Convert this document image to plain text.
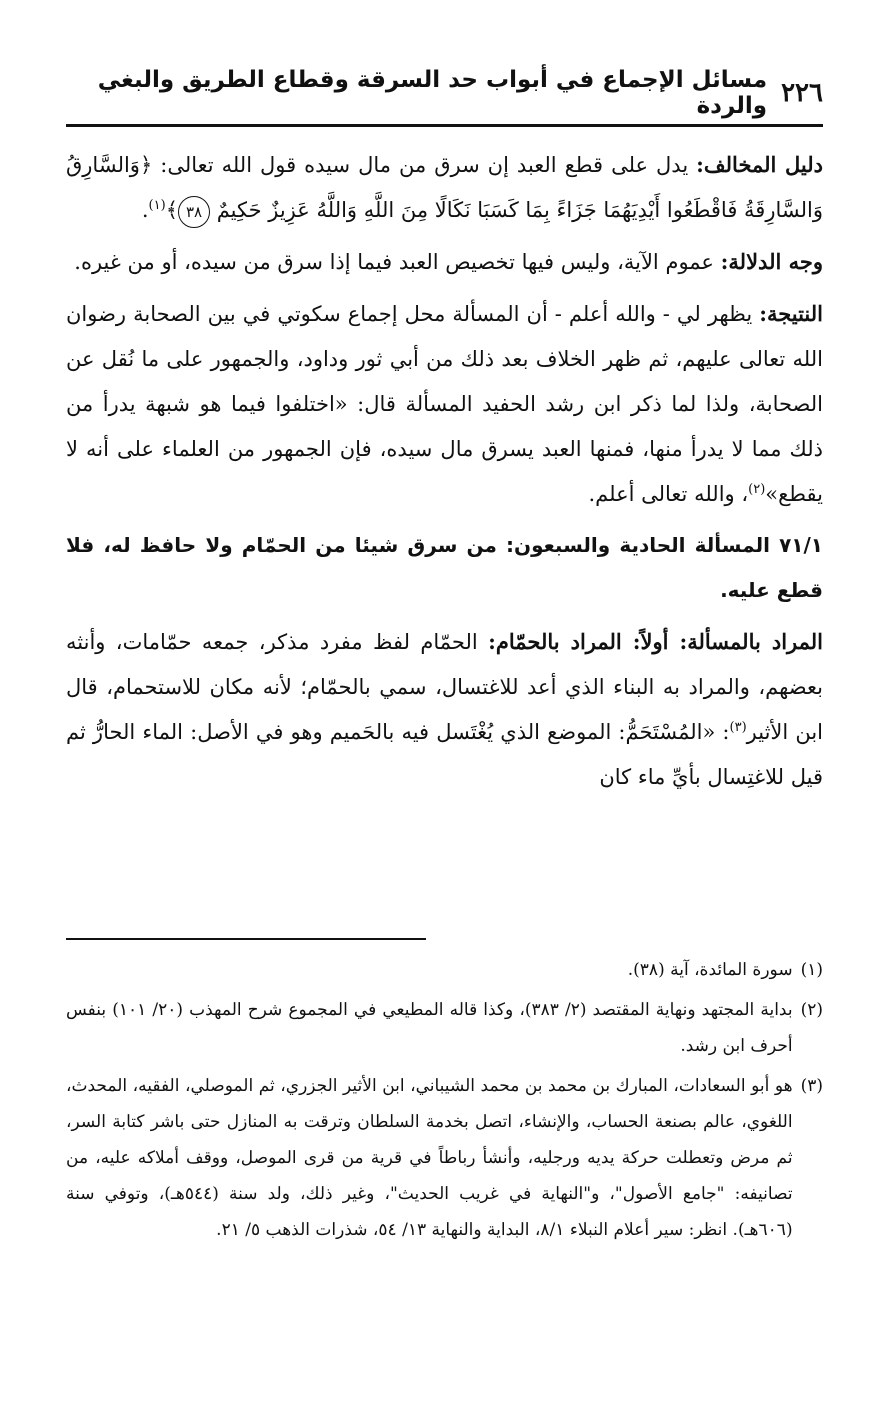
٢٢٦
مسائل الإجماع في أبواب حد السرقة وقطاع الطريق والبغي والردة

دليل المخالف: يدل على قطع العبد إن سرق من مال سيده قول الله تعالى: ﴿وَالسَّارِقُ وَالسَّارِقَةُ فَاقْطَعُوا أَيْدِيَهُمَا جَزَاءً بِمَا كَسَبَا نَكَالًا مِنَ اللَّهِ وَاللَّهُ عَزِيزٌ حَكِيمٌ ٣٨﴾$^{(١)}$.

وجه الدلالة: عموم الآية، وليس فيها تخصيص العبد فيما إذا سرق من سيده، أو من غيره.

النتيجة: يظهر لي - والله أعلم - أن المسألة محل إجماع سكوتي في بين الصحابة رضوان الله تعالى عليهم، ثم ظهر الخلاف بعد ذلك من أبي ثور وداود، والجمهور على ما نُقل عن الصحابة، ولذا لما ذكر ابن رشد الحفيد المسألة قال: «اختلفوا فيما هو شبهة يدرأ من ذلك مما لا يدرأ منها، فمنها العبد يسرق مال سيده، فإن الجمهور من العلماء على أنه لا يقطع»$^{(٢)}$، والله تعالى أعلم.

٧١/١ المسألة الحادية والسبعون: من سرق شيئا من الحمّام ولا حافظ له، فلا قطع عليه.

المراد بالمسألة: أولاً: المراد بالحمّام: الحمّام لفظ مفرد مذكر، جمعه حمّامات، وأنثه بعضهم، والمراد به البناء الذي أعد للاغتسال، سمي بالحمّام؛ لأنه مكان للاستحمام، قال ابن الأثير$^{(٣)}$: «المُسْتَحَمُّ: الموضع الذي يُغْتَسل فيه بالحَميم وهو في الأصل: الماء الحارُّ ثم قيل للاغتِسال بأيِّ ماء كان

(١)
سورة المائدة، آية (٣٨).
(٢)
بداية المجتهد ونهاية المقتصد (٢/ ٣٨٣)، وكذا قاله المطيعي في المجموع شرح المهذب (٢٠/ ١٠١) بنفس أحرف ابن رشد.
(٣)
هو أبو السعادات، المبارك بن محمد بن محمد الشيباني، ابن الأثير الجزري، ثم الموصلي، الفقيه، المحدث، اللغوي، عالم بصنعة الحساب، والإنشاء، اتصل بخدمة السلطان وترقت به المنازل حتى باشر كتابة السر، ثم مرض وتعطلت حركة يديه ورجليه، وأنشأ رباطاً في قرية من قرى الموصل، ووقف أملاكه عليه، من تصانيفه: "جامع الأصول"، و"النهاية في غريب الحديث"، وغير ذلك، ولد سنة (٥٤٤هـ)، وتوفي سنة (٦٠٦هـ). انظر: سير أعلام النبلاء ٨/١، البداية والنهاية ١٣/ ٥٤، شذرات الذهب ٥/ ٢١.
